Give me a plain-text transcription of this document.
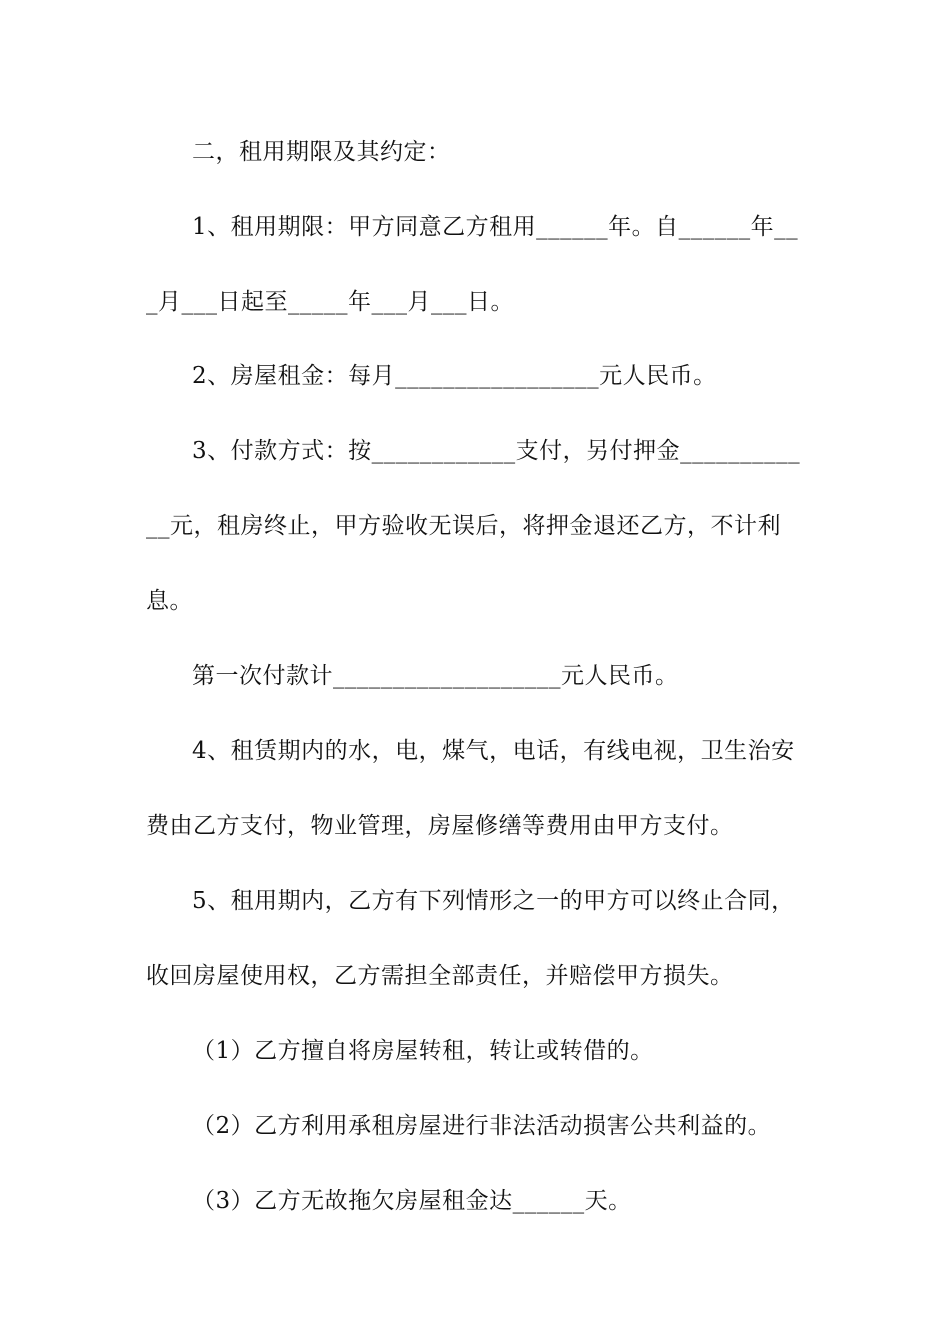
二，租用期限及其约定：
1、租用期限：甲方同意乙方租用______年。自______年__
_月___日起至_____年___月___日。
2、房屋租金：每月_________________元人民币。
3、付款方式：按____________支付，另付押金__________
__元，租房终止，甲方验收无误后，将押金退还乙方，不计利
息。
第一次付款计___________________元人民币。
4、租赁期内的水，电，煤气，电话，有线电视，卫生治安
费由乙方支付，物业管理，房屋修缮等费用由甲方支付。
5、租用期内，乙方有下列情形之一的甲方可以终止合同，
收回房屋使用权，乙方需担全部责任，并赔偿甲方损失。
（1）乙方擅自将房屋转租，转让或转借的。
（2）乙方利用承租房屋进行非法活动损害公共利益的。
（3）乙方无故拖欠房屋租金达______天。
